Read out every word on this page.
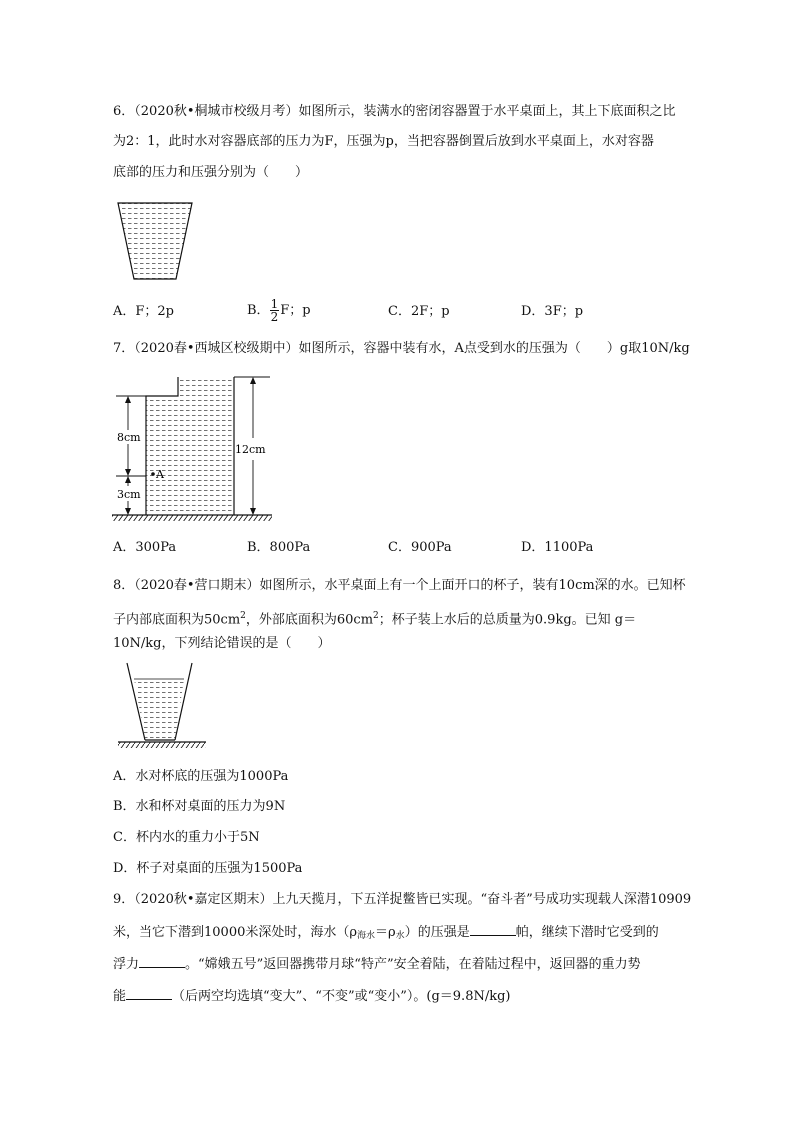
6．（2020秋•桐城市校级月考）如图所示，装满水的密闭容器置于水平桌面上，其上下底面积之比
为2：1，此时水对容器底部的压力为F，压强为p，当把容器倒置后放到水平桌面上，水对容器
底部的压力和压强分别为（　　）
A．F；2p	B． $\frac{1}{2}$ F；p	C．2F；p	D．3F；p
7．（2020春•西城区校级期中）如图所示，容器中装有水，A点受到水的压强为（　　）g取10N/kg
8cm
3cm
12cm
A
A．300Pa	B．800Pa	C．900Pa	D．1100Pa
8．（2020春•营口期末）如图所示，水平桌面上有一个上面开口的杯子，装有10cm深的水。已知杯
子内部底面积为$50cm^2$，外部底面积为$60cm^2$；杯子装上水后的总质量为0.9kg。已知 g＝
10N/kg，下列结论错误的是（　　）
A．水对杯底的压强为1000Pa
B．水和杯对桌面的压力为9N
C．杯内水的重力小于5N
D．杯子对桌面的压强为1500Pa
9．（2020秋•嘉定区期末）上九天揽月，下五洋捉鳖皆已实现。“奋斗者”号成功实现载人深潜10909
米，当它下潜到10000米深处时，海水$(\rho_{海水}=\rho_水)$的压强是	帕，继续下潜时它受到的
浮力	。“嫦娥五号”返回器携带月球“特产”安全着陆，在着陆过程中，返回器的重力势
能	（后两空均选填“变大”、“不变”或“变小”）。(g＝9.8N/kg)
